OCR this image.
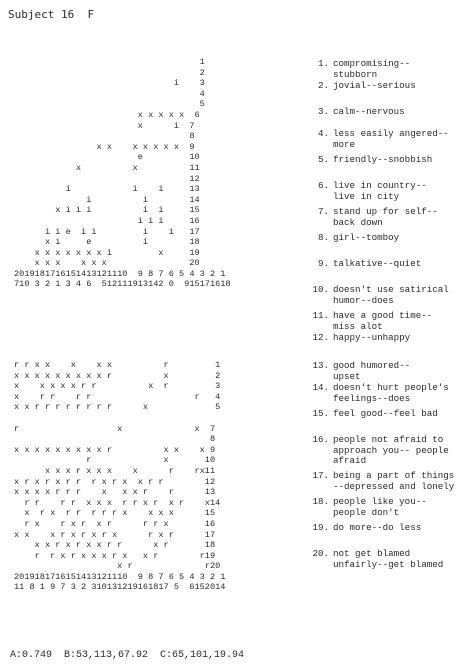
Subject 16  F
1
2
i    3
4
5
x x x x x  6
x      i  7
8
x x    x x x x x  9
e         10
x          x          11
12
i            i    i     13
i          i        14
x i i i          i  i     15
i i i     16
i i e  i i         i    i   17
x i     e          i        18
x x x x x x x i         x     19
x x x    x x x                20
2019181716151413121110  9 8 7 6 5 4 3 2 1
710 3 2 1 3 4 6  512111913142 0  915171618

1. compromising--
stubborn
2. jovial--serious
3. calm--nervous
4. less easily angered--
more
5. friendly--snobbish
6. live in country--
live in city
7. stand up for self--
back down
8. girl--tomboy
9. talkative--quiet
10. doesn't use satirical
humor--does
11. have a good time--
miss alot
12. happy--unhappy
r r x x    x    x x          r         1
x x x x x x x x x r          x         2
x    x x x x r r          x  r         3
x    r r    r r                    r   4
x x r r r r r r r r      x             5

r                   x              x  7
8
x x x x x x x x x r          x x    x 9
r              x       10
x x x r x x x    x      r    rx11
x r x r x r r  r x r x  x r r        12
x x x x r r r    x   x x r    r      13
r r    r r  x x x  r r x r  x r    x14
x  r x  r r  r r r x    x x x      15
r x    r x r  x r      r r x       16
x x    x r x r x r x      r x r      17
x x r x r x x r r      x r       18
r  r x r x x x r x   x r        r19
x r              r20
2019181716151413121110  9 8 7 6 5 4 3 2 1
11 8 1 9 7 3 2 310131219161817 5  6152014

13. good humored--
upset
14. doesn't hurt people's
feelings--does
15. feel good--feel bad
16. people not afraid to
approach you-- people
afraid
17. being a part of things
--depressed and lonely
18. people like you--
people don't
19. do more--do less
20. not get blamed
unfairly--get blamed
A:0.749  B:53,113,67.92  C:65,101,19.94
